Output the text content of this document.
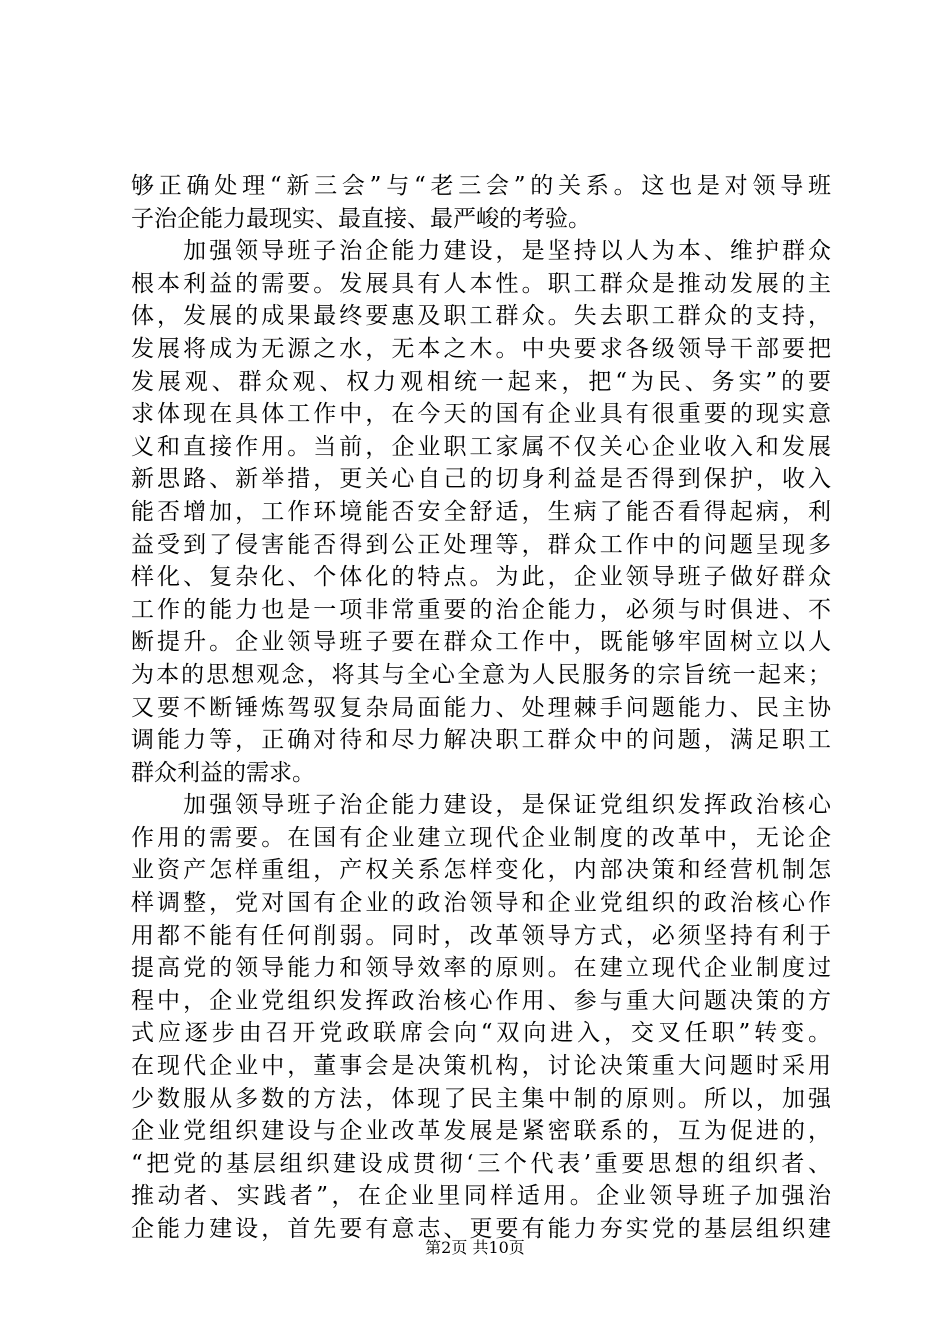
够正确处理“新三会”与“老三会”的关系。这也是对领导班
子治企能力最现实、最直接、最严峻的考验。
　　加强领导班子治企能力建设，是坚持以人为本、维护群众
根本利益的需要。发展具有人本性。职工群众是推动发展的主
体，发展的成果最终要惠及职工群众。失去职工群众的支持，
发展将成为无源之水，无本之木。中央要求各级领导干部要把
发展观、群众观、权力观相统一起来，把“为民、务实”的要
求体现在具体工作中，在今天的国有企业具有很重要的现实意
义和直接作用。当前，企业职工家属不仅关心企业收入和发展
新思路、新举措，更关心自己的切身利益是否得到保护，收入
能否增加，工作环境能否安全舒适，生病了能否看得起病，利
益受到了侵害能否得到公正处理等，群众工作中的问题呈现多
样化、复杂化、个体化的特点。为此，企业领导班子做好群众
工作的能力也是一项非常重要的治企能力，必须与时俱进、不
断提升。企业领导班子要在群众工作中，既能够牢固树立以人
为本的思想观念，将其与全心全意为人民服务的宗旨统一起来；
又要不断锤炼驾驭复杂局面能力、处理棘手问题能力、民主协
调能力等，正确对待和尽力解决职工群众中的问题，满足职工
群众利益的需求。
　　加强领导班子治企能力建设，是保证党组织发挥政治核心
作用的需要。在国有企业建立现代企业制度的改革中，无论企
业资产怎样重组，产权关系怎样变化，内部决策和经营机制怎
样调整，党对国有企业的政治领导和企业党组织的政治核心作
用都不能有任何削弱。同时，改革领导方式，必须坚持有利于
提高党的领导能力和领导效率的原则。在建立现代企业制度过
程中，企业党组织发挥政治核心作用、参与重大问题决策的方
式应逐步由召开党政联席会向“双向进入，交叉任职”转变。
在现代企业中，董事会是决策机构，讨论决策重大问题时采用
少数服从多数的方法，体现了民主集中制的原则。所以，加强
企业党组织建设与企业改革发展是紧密联系的，互为促进的，
“把党的基层组织建设成贯彻‘三个代表’重要思想的组织者、
推动者、实践者”，在企业里同样适用。企业领导班子加强治
企能力建设，首先要有意志、更要有能力夯实党的基层组织建
第2页 共10页
